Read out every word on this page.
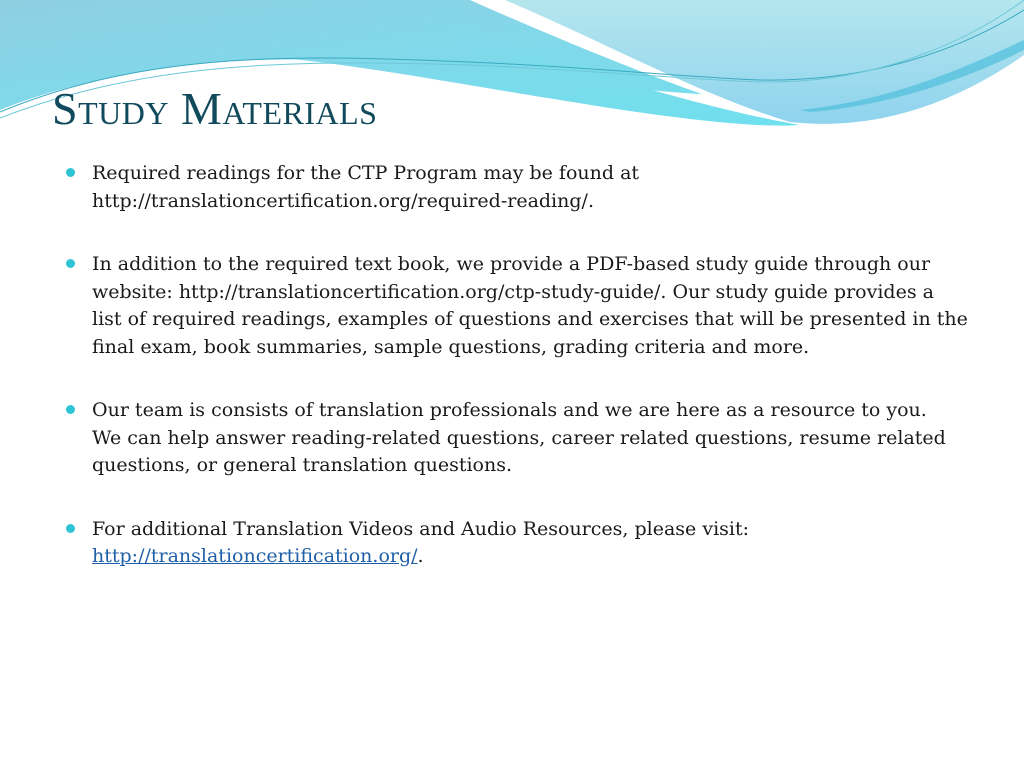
Study Materials
Required readings for the CTP Program may be found at
http://translationcertification.org/required-reading/.
In addition to the required text book, we provide a PDF-based study guide through our
website: http://translationcertification.org/ctp-study-guide/. Our study guide provides a
list of required readings, examples of questions and exercises that will be presented in the
final exam, book summaries, sample questions, grading criteria and more.
Our team is consists of translation professionals and we are here as a resource to you.
We can help answer reading-related questions, career related questions, resume related
questions, or general translation questions.
For additional Translation Videos and Audio Resources, please visit:
http://translationcertification.org/.
